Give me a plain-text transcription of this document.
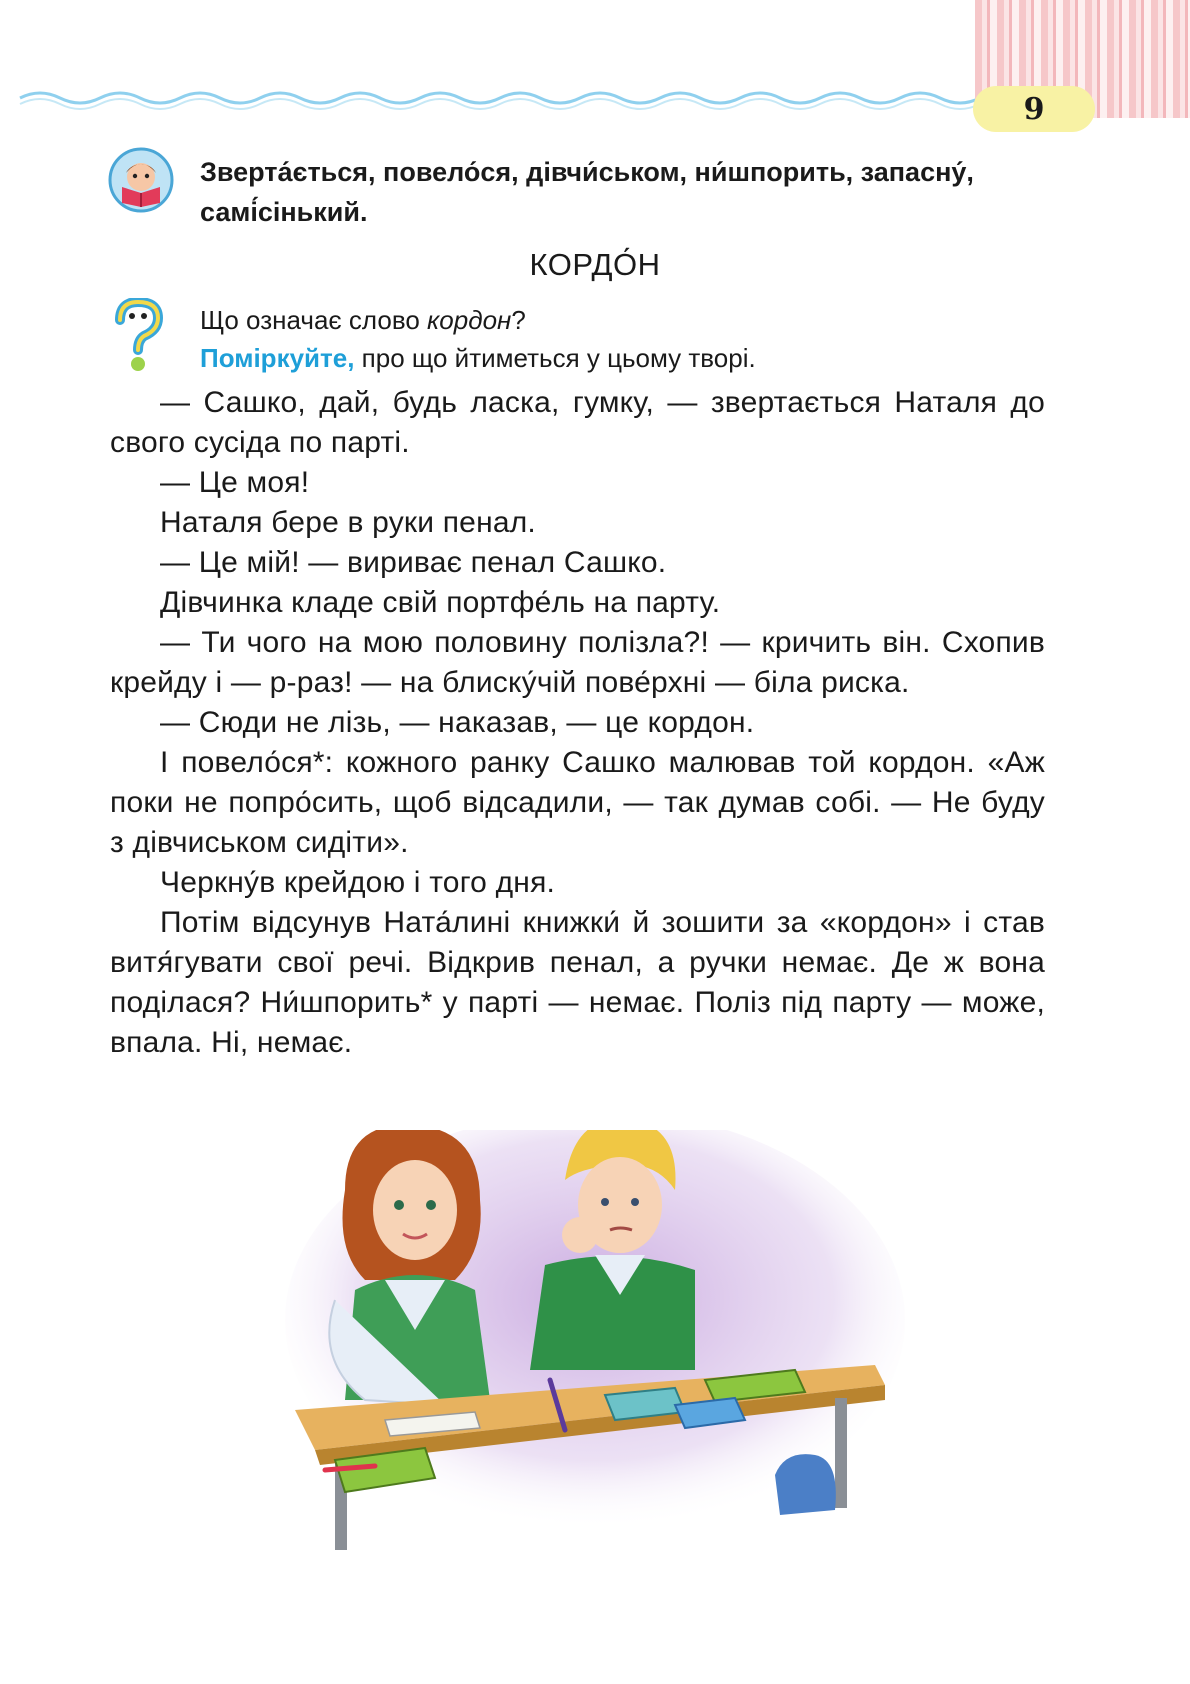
9
Зверта́ється, повело́ся, дівчи́ськом, ни́шпорить, запасну́, самі́сінький.
КОРДО́Н
Що означає слово кордон?
Поміркуйте, про що йтиметься у цьому творі.

— Сашко, дай, будь ласка, гумку, — звертається Наталя до свого сусіда по парті.

— Це моя!

Наталя бере в руки пенал.

— Це мій! — вириває пенал Сашко.

Дівчинка кладе свій портфе́ль на парту.

— Ти чого на мою половину полізла?! — кричить він. Схопив крейду і — р-раз! — на блиску́чій пове́рхні — біла риска.

— Сюди не лізь, — наказав, — це кордон.

І повело́ся*: кожного ранку Сашко малював той кордон. «Аж поки не попро́сить, щоб відсадили, — так думав собі. — Не буду з дівчиськом сидіти».

Черкну́в крейдою і того дня.

Потім відсунув Ната́лині книжки́ й зошити за «кордон» і став витя́гувати свої речі. Відкрив пенал, а ручки немає. Де ж вона поділася? Ни́шпорить* у парті — немає. Поліз під парту — може, впала. Ні, немає.
